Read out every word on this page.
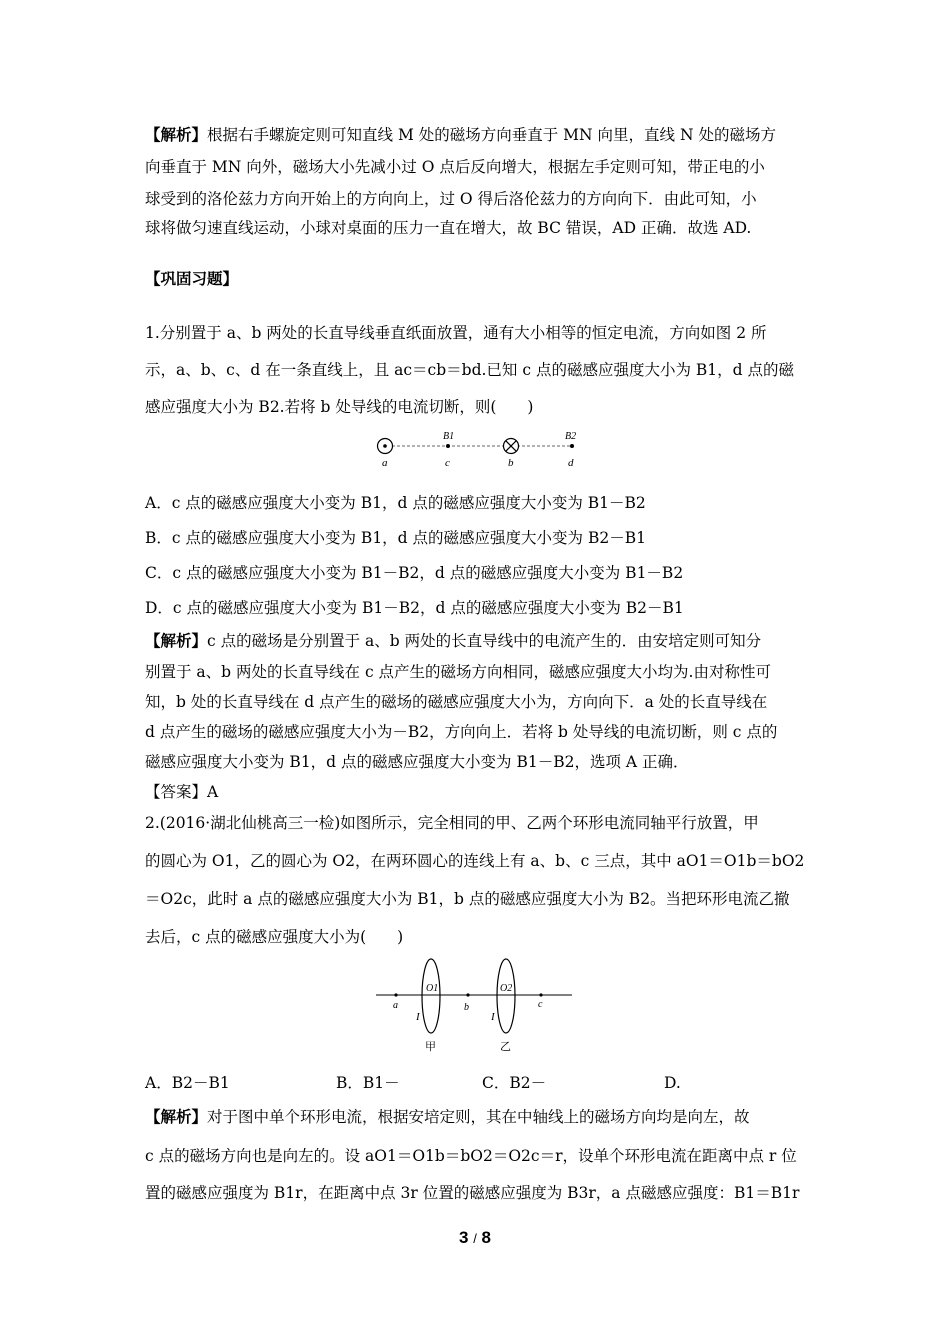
【解析】根据右手螺旋定则可知直线 M 处的磁场方向垂直于 MN 向里，直线 N 处的磁场方
向垂直于 MN 向外，磁场大小先减小过 O 点后反向增大，根据左手定则可知，带正电的小
球受到的洛伦兹力方向开始上的方向向上，过 O 得后洛伦兹力的方向向下．由此可知，小
球将做匀速直线运动，小球对桌面的压力一直在增大，故 BC 错误，AD 正确．故选 AD.
【巩固习题】
1.分别置于 a、b 两处的长直导线垂直纸面放置，通有大小相等的恒定电流，方向如图 2 所
示，a、b、c、d 在一条直线上，且 ac＝cb＝bd.已知 c 点的磁感应强度大小为 B1，d 点的磁
感应强度大小为 B2.若将 b 处导线的电流切断，则(　　)
B1	B2
a	c	b	d
A．c 点的磁感应强度大小变为 B1，d 点的磁感应强度大小变为 B1－B2
B．c 点的磁感应强度大小变为 B1，d 点的磁感应强度大小变为 B2－B1
C．c 点的磁感应强度大小变为 B1－B2，d 点的磁感应强度大小变为 B1－B2
D．c 点的磁感应强度大小变为 B1－B2，d 点的磁感应强度大小变为 B2－B1
【解析】c 点的磁场是分别置于 a、b 两处的长直导线中的电流产生的．由安培定则可知分
别置于 a、b 两处的长直导线在 c 点产生的磁场方向相同，磁感应强度大小均为.由对称性可
知，b 处的长直导线在 d 点产生的磁场的磁感应强度大小为，方向向下．a 处的长直导线在
d 点产生的磁场的磁感应强度大小为－B2，方向向上．若将 b 处导线的电流切断，则 c 点的
磁感应强度大小变为 B1，d 点的磁感应强度大小变为 B1－B2，选项 A 正确．
【答案】A
2.(2016·湖北仙桃高三一检)如图所示，完全相同的甲、乙两个环形电流同轴平行放置，甲
的圆心为 O1，乙的圆心为 O2，在两环圆心的连线上有 a、b、c 三点，其中 aO1＝O1b＝bO2
＝O2c，此时 a 点的磁感应强度大小为 B1，b 点的磁感应强度大小为 B2。当把环形电流乙撤
去后，c 点的磁感应强度大小为(　　)
a
O1
b
O2
c
I	I
甲	乙
A．B2－B1	B．B1－	C．B2－	D.
【解析】对于图中单个环形电流，根据安培定则，其在中轴线上的磁场方向均是向左，故
c 点的磁场方向也是向左的。设 aO1＝O1b＝bO2＝O2c＝r，设单个环形电流在距离中点 r 位
置的磁感应强度为 B1r，在距离中点 3r 位置的磁感应强度为 B3r，a 点磁感应强度：B1＝B1r
3 / 8
